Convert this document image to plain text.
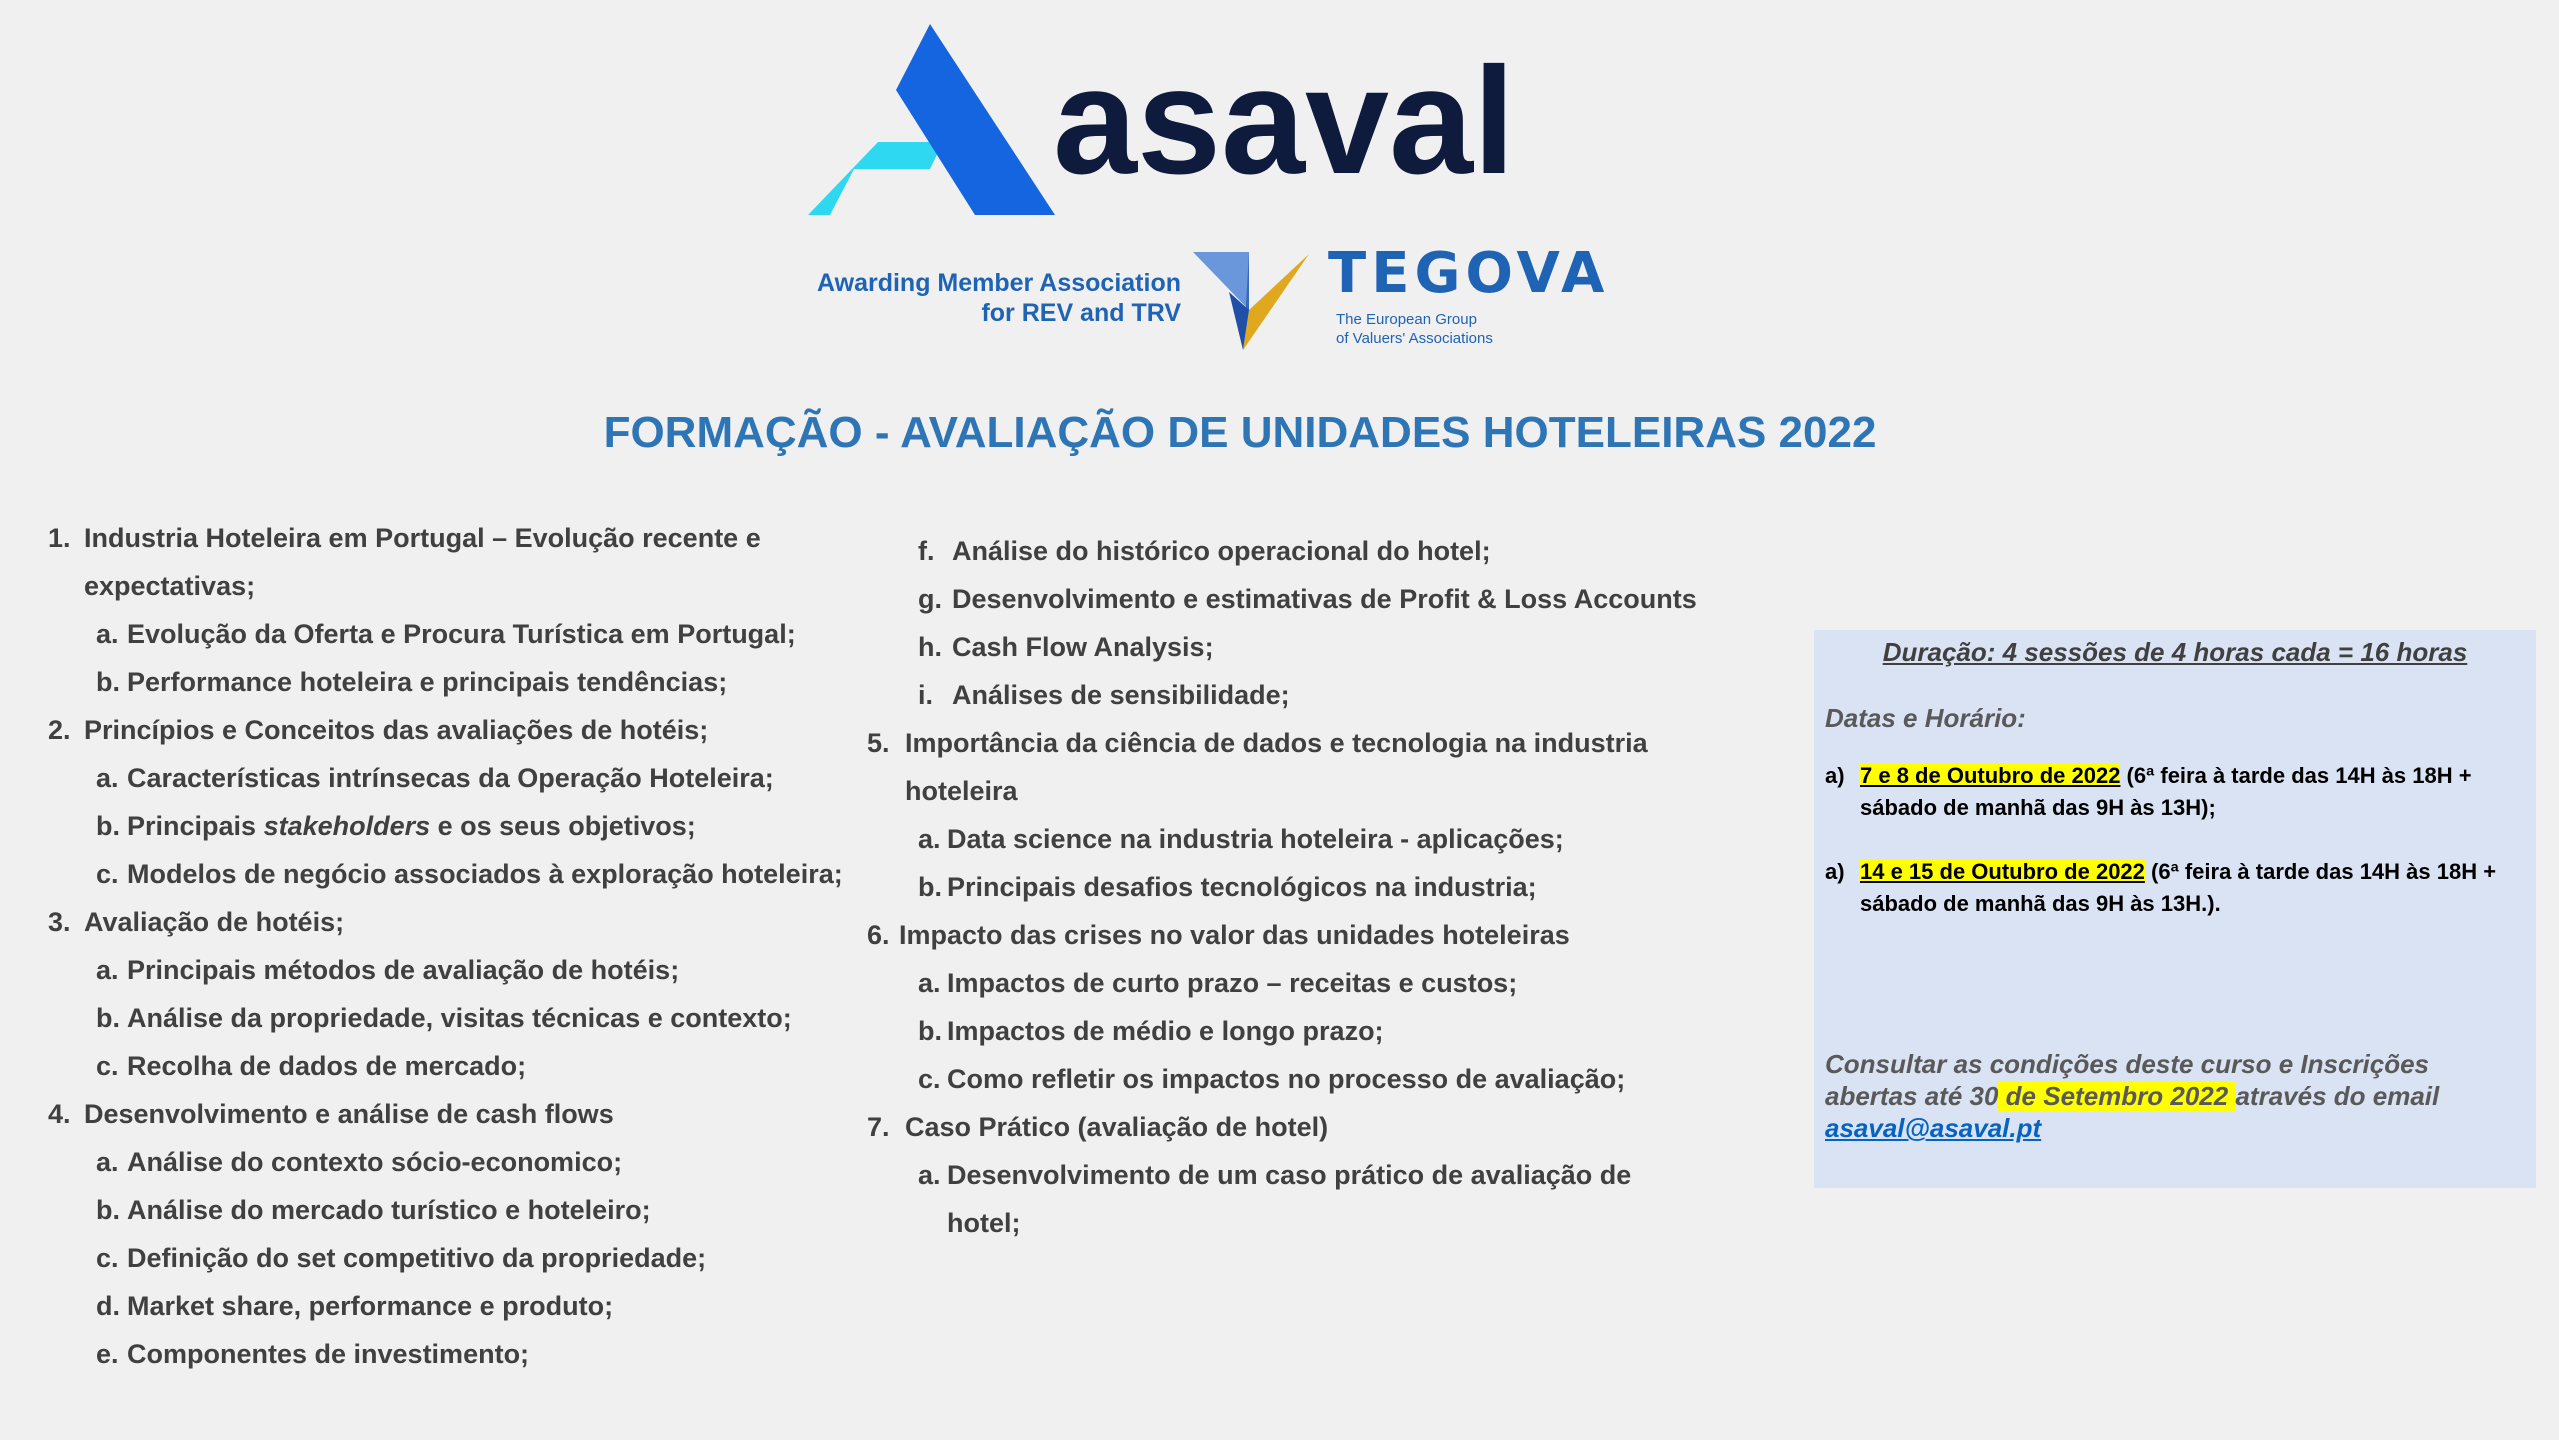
asaval
Awarding Member Association
for REV and TRV
TEGOVA
The European Group
of Valuers' Associations
FORMAÇÃO - AVALIAÇÃO DE UNIDADES HOTELEIRAS 2022
1. Industria Hoteleira em Portugal – Evolução recente e
expectativas;
a. Evolução da Oferta e Procura Turística em Portugal;
b. Performance hoteleira e principais tendências;
2. Princípios e Conceitos das avaliações de hotéis;
a. Características intrínsecas da Operação Hoteleira;
b. Principais stakeholders e os seus objetivos;
c. Modelos de negócio associados à exploração hoteleira;
3. Avaliação de hotéis;
a. Principais métodos de avaliação de hotéis;
b. Análise da propriedade, visitas técnicas e contexto;
c. Recolha de dados de mercado;
4. Desenvolvimento e análise de cash flows
a. Análise do contexto sócio-economico;
b. Análise do mercado turístico e hoteleiro;
c. Definição do set competitivo da propriedade;
d. Market share, performance e produto;
e. Componentes de investimento;
f. Análise do histórico operacional do hotel;
g. Desenvolvimento e estimativas de Profit & Loss Accounts
h. Cash Flow Analysis;
i. Análises de sensibilidade;
5. Importância da ciência de dados e tecnologia na industria
hoteleira
a. Data science na industria hoteleira - aplicações;
b. Principais desafios tecnológicos na industria;
6. Impacto das crises no valor das unidades hoteleiras
a. Impactos de curto prazo – receitas e custos;
b. Impactos de médio e longo prazo;
c. Como refletir os impactos no processo de avaliação;
7. Caso Prático (avaliação de hotel)
a. Desenvolvimento de um caso prático de avaliação de
hotel;
Duração: 4 sessões de 4 horas cada = 16 horas
Datas e Horário:
a) 7 e 8 de Outubro de 2022 (6ª feira à tarde das 14H às 18H + sábado de manhã das 9H às 13H);
a) 14 e 15 de Outubro de 2022 (6ª feira à tarde das 14H às 18H + sábado de manhã das 9H às 13H.).
Consultar as condições deste curso e Inscrições abertas até 30 de Setembro 2022 através do email
asaval@asaval.pt
